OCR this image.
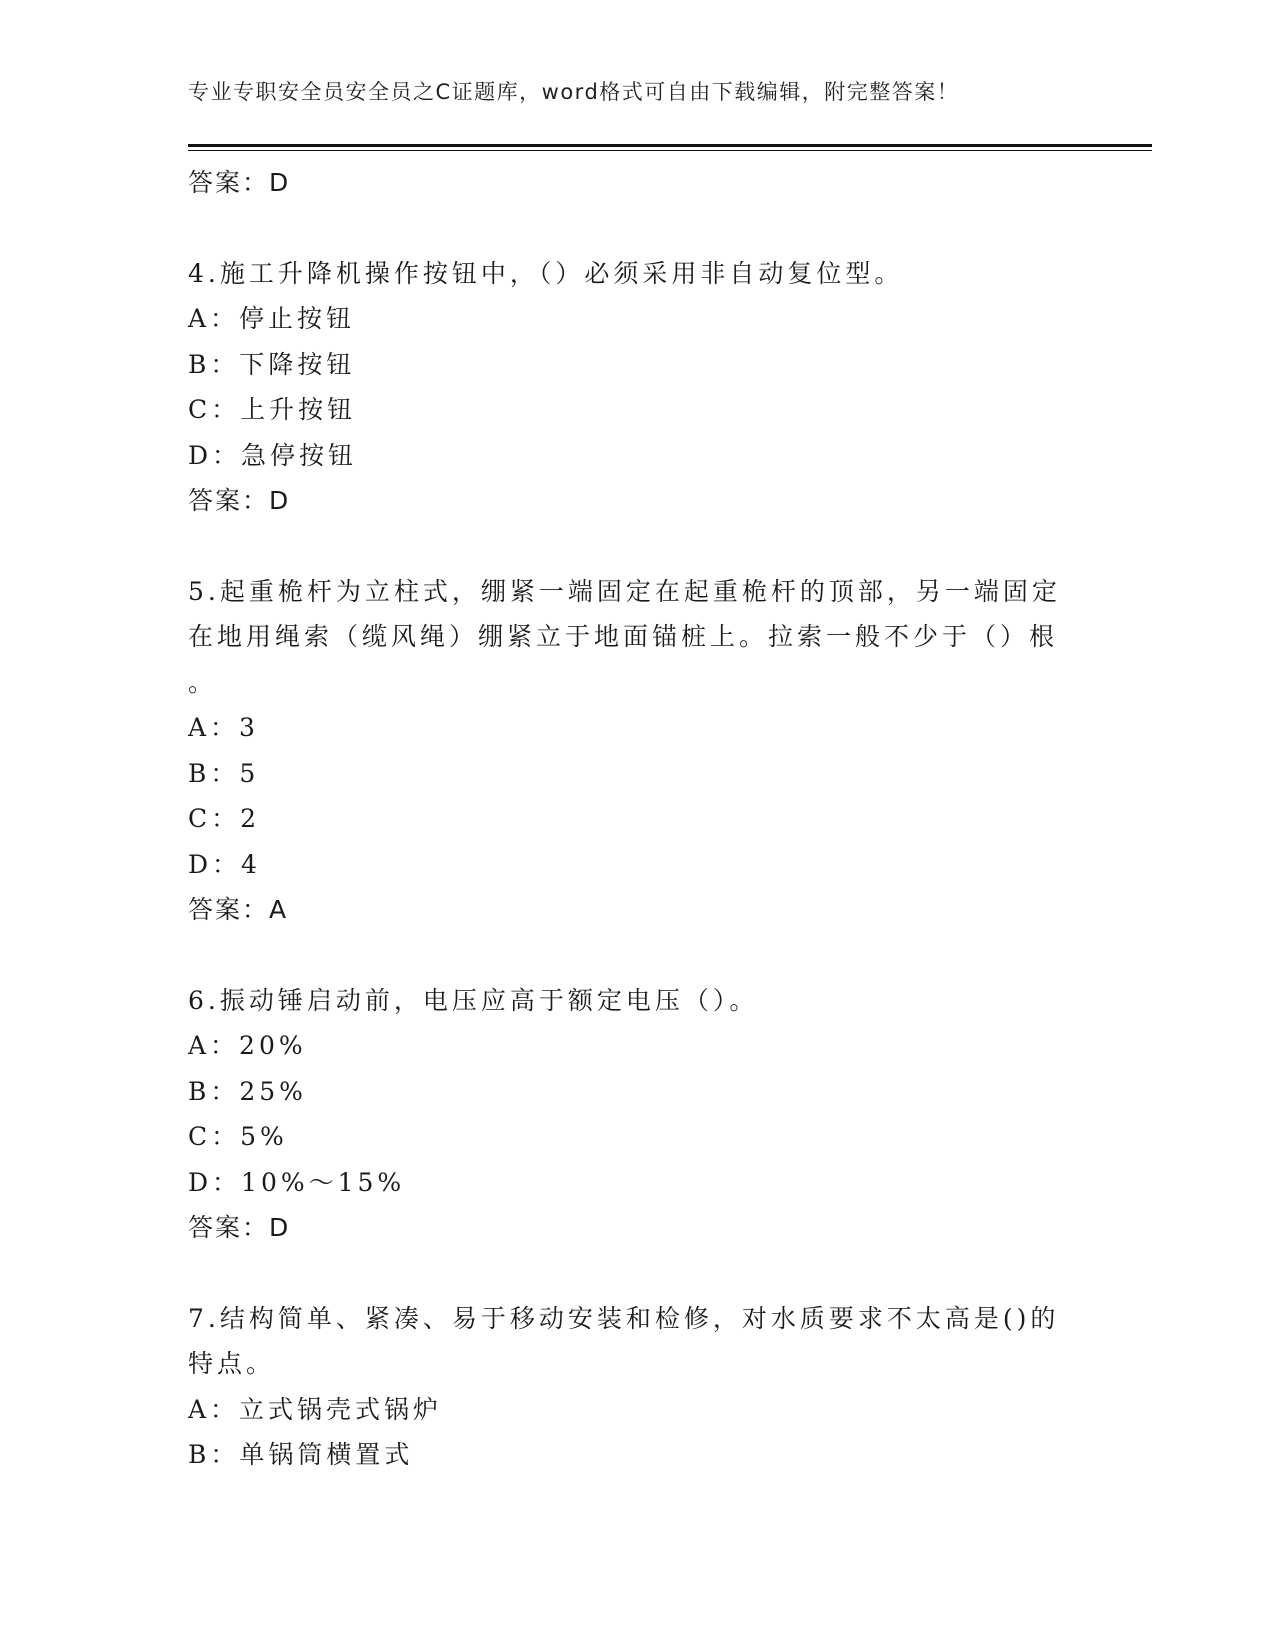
专业专职安全员安全员之C证题库，word格式可自由下载编辑，附完整答案！
答案：D
4.施工升降机操作按钮中，（）必须采用非自动复位型。
A：停止按钮
B：下降按钮
C：上升按钮
D：急停按钮
答案：D
5.起重桅杆为立柱式，绷紧一端固定在起重桅杆的顶部，另一端固定
在地用绳索（缆风绳）绷紧立于地面锚桩上。拉索一般不少于（）根
。
A：3
B：5
C：2
D：4
答案：A
6.振动锤启动前，电压应高于额定电压（）。
A：20%
B：25%
C：5%
D：10%～15%
答案：D
7.结构简单、紧凑、易于移动安装和检修，对水质要求不太高是()的
特点。
A：立式锅壳式锅炉
B：单锅筒横置式
